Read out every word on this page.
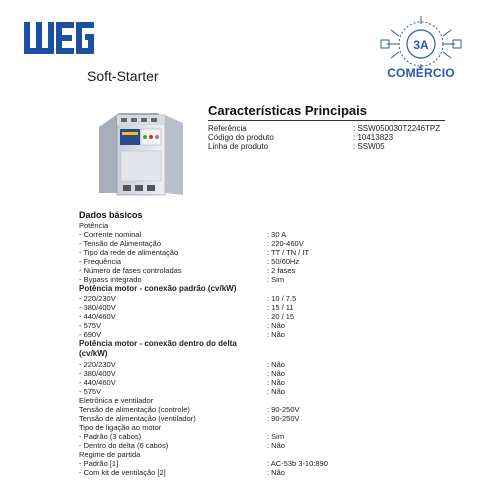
Soft-Starter
3A
COMÉRCIO
Características Principais
Referência	: SSW050030T2246TPZ
Código do produto	: 10413823
Linha de produto	: SSW05
Dados básicos
Potência
- Corrente nominal	: 30 A
- Tensão de Alimentação	: 220-460V
- Tipo da rede de alimentação	: TT / TN / IT
- Frequência	: 50/60Hz
- Número de fases controladas	: 2 fases
- Bypass integrado	: Sim
Potência motor - conexão padrão (cv/kW)
- 220/230V	: 10 / 7.5
- 380/400V	: 15 / 11
- 440/460V	: 20 / 15
- 575V	: Não
- 690V	: Não
Potência motor - conexão dentro do delta
(cv/kW)
- 220/230V	: Não
- 380/400V	: Não
- 440/460V	: Não
- 575V	: Não
Eletrônica e ventilador
Tensão de alimentação (controle)	: 90-250V
Tensão de alimentação (ventilador)	: 90-250V
Tipo de ligação ao motor
- Padrão (3 cabos)	: Sim
- Dentro do delta (6 cabos)	: Não
Regime de partida
- Padrão [1]	: AC-53b 3-10:890
- Com kit de ventilação [2]	: Não
